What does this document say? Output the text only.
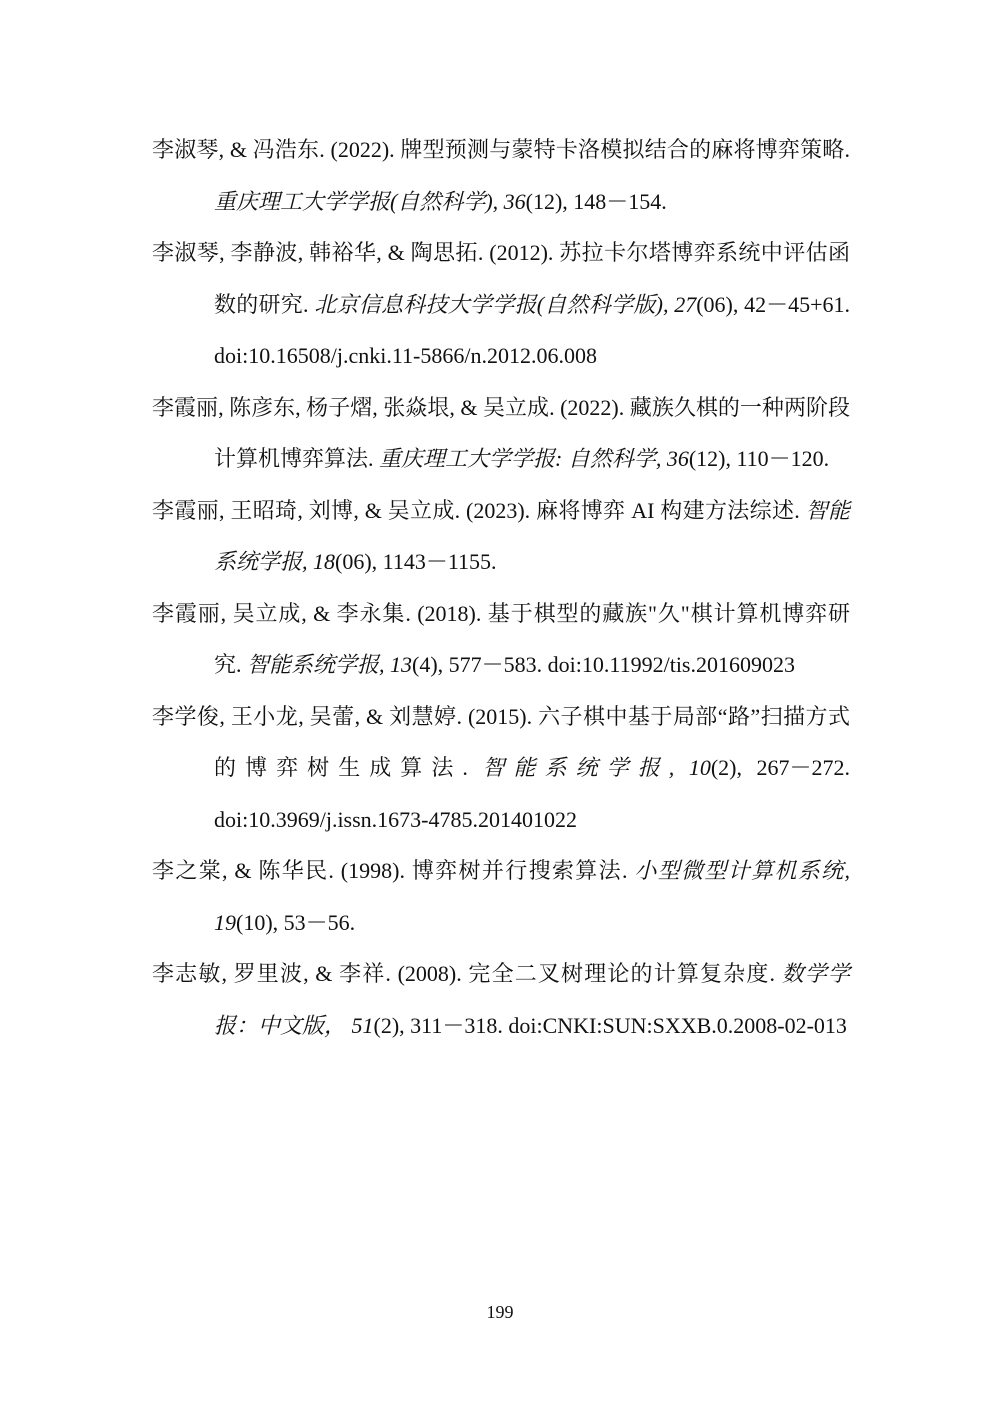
李淑琴, & 冯浩东. (2022). 牌型预测与蒙特卡洛模拟结合的麻将博弈策略. 重庆理工大学学报(自然科学), 36(12), 148－154.

李淑琴, 李静波, 韩裕华, & 陶思拓. (2012). 苏拉卡尔塔博弈系统中评估函数的研究. 北京信息科技大学学报(自然科学版), 27(06), 42－45+61. doi:10.16508/j.cnki.11-5866/n.2012.06.008

李霞丽, 陈彦东, 杨子熠, 张焱垠, & 吴立成. (2022). 藏族久棋的一种两阶段计算机博弈算法. 重庆理工大学学报: 自然科学, 36(12), 110－120.

李霞丽, 王昭琦, 刘博, & 吴立成. (2023). 麻将博弈 AI 构建方法综述. 智能系统学报, 18(06), 1143－1155.

李霞丽, 吴立成, & 李永集. (2018). 基于棋型的藏族"久"棋计算机博弈研究. 智能系统学报, 13(4), 577－583. doi:10.11992/tis.201609023

李学俊, 王小龙, 吴蕾, & 刘慧婷. (2015). 六子棋中基于局部“路”扫描方式的博弈树生成算法. 智能系统学报, 10(2), 267－272. doi:10.3969/j.issn.1673-4785.201401022

李之棠, & 陈华民. (1998). 博弈树并行搜索算法. 小型微型计算机系统, 19(10), 53－56.

李志敏, 罗里波, & 李祥. (2008). 完全二叉树理论的计算复杂度. 数学学报：中文版， 51(2), 311－318. doi:CNKI:SUN:SXXB.0.2008-02-013

199
